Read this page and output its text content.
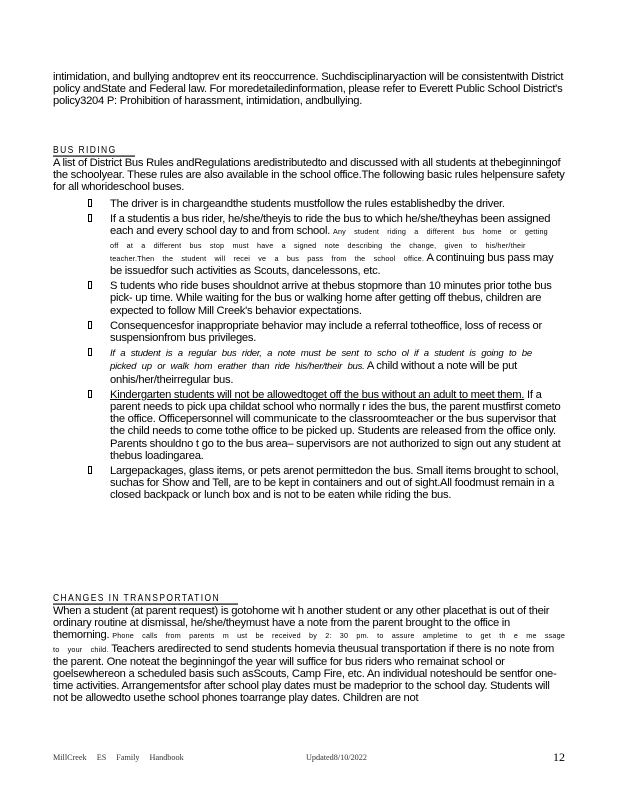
intimidation, and bullying andtoprev ent its reoccurrence. Suchdisciplinaryaction will be consistentwith District policy andState and Federal law. For moredetailedinformation, please refer to Everett Public School District's policy3204 P: Prohibition of harassment, intimidation, andbullying.

BUS RIDING

A list of District Bus Rules andRegulations aredistributedto and discussed with all students at thebeginningof the schoolyear. These rules are also available in the school office.The following basic rules helpensure safety for all whorideschool buses.

The driver is in chargeandthe students mustfollow the rules establishedby the driver.
If a studentis a bus rider, he/she/theyis to ride the bus to which he/she/theyhas been assigned each and every school day to and from school. Any student riding a different bus home or getting off at a different bus stop must have a signed note describing the change, given to his/her/their teacher.Then the student will recei ve a bus pass from the school office. A continuing bus pass may be issuedfor such activities as Scouts, dancelessons, etc.
S tudents who ride buses shouldnot arrive at thebus stopmore than 10 minutes prior tothe bus pick- up time. While waiting for the bus or walking home after getting off thebus, children are expected to follow Mill Creek's behavior expectations.
Consequencesfor inappropriate behavior may include a referral totheoffice, loss of recess or suspensionfrom bus privileges.
If a student is a regular bus rider, a note must be sent to scho ol if a student is going to be picked up or walk hom erather than ride his/her/their bus. A child without a note will be put onhis/her/theirregular bus.
Kindergarten students will not be allowedtoget off the bus without an adult to meet them. If a parent needs to pick upa childat school who normally r ides the bus, the parent mustfirst cometo the office. Officepersonnel will communicate to the classroomteacher or the bus supervisor that the child needs to come tothe office to be picked up. Students are released from the office only. Parents shouldno t go to the bus area– supervisors are not authorized to sign out any student at thebus loadingarea.
Largepackages, glass items, or pets arenot permittedon the bus. Small items brought to school, suchas for Show and Tell, are to be kept in containers and out of sight.All foodmust remain in a closed backpack or lunch box and is not to be eaten while riding the bus.
CHANGES IN TRANSPORTATION

When a student (at parent request) is gotohome wit h another student or any other placethat is out of their ordinary routine at dismissal, he/she/theymust have a note from the parent brought to the office in themorning. Phone calls from parents m ust be received by 2: 30 pm. to assure ampletime to get th e me ssage to your child. Teachers aredirected to send students homevia theusual transportation if there is no note from the parent. One noteat the beginningof the year will suffice for bus riders who remainat school or goelsewhereon a scheduled basis such asScouts, Camp Fire, etc. An individual noteshould be sentfor one-time activities. Arrangementsfor after school play dates must be madeprior to the school day. Students will not be allowedto usethe school phones toarrange play dates. Children are not

MillCreek ES Family Handbook	Updated8/10/2022	12
